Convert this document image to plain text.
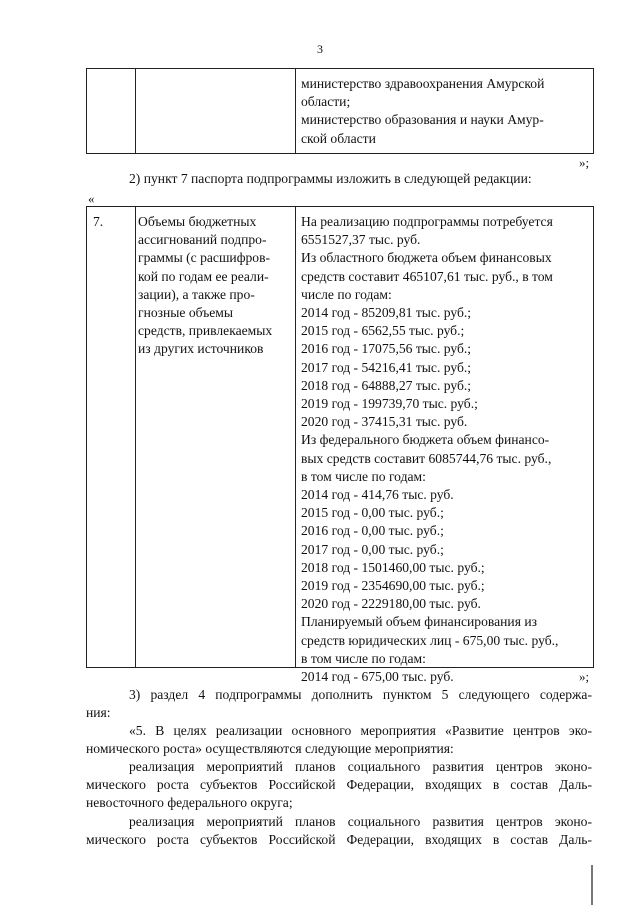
3
министерство здравоохранения Амурской
области;
министерство образования и науки Амур-
ской области
»;
2) пункт 7 паспорта подпрограммы изложить в следующей редакции:
«
7.	Объемы бюджетных
ассигнований подпро-
граммы (с расшифров-
кой по годам ее реали-
зации), а также про-
гнозные объемы
средств, привлекаемых
из других источников
На реализацию подпрограммы потребуется
6551527,37 тыс. руб.
Из областного бюджета объем финансовых
средств составит 465107,61 тыс. руб., в том
числе по годам:
2014 год - 85209,81 тыс. руб.;
2015 год - 6562,55 тыс. руб.;
2016 год - 17075,56 тыс. руб.;
2017 год - 54216,41 тыс. руб.;
2018 год - 64888,27 тыс. руб.;
2019 год - 199739,70 тыс. руб.;
2020 год - 37415,31 тыс. руб.
Из федерального бюджета объем финансо-
вых средств составит 6085744,76 тыс. руб.,
в том числе по годам:
2014 год - 414,76 тыс. руб.
2015 год - 0,00 тыс. руб.;
2016 год - 0,00 тыс. руб.;
2017 год - 0,00 тыс. руб.;
2018 год - 1501460,00 тыс. руб.;
2019 год - 2354690,00 тыс. руб.;
2020 год - 2229180,00 тыс. руб.
Планируемый объем финансирования из
средств юридических лиц - 675,00 тыс. руб.,
в том числе по годам:
2014 год - 675,00 тыс. руб.	»;
3) раздел 4 подпрограммы дополнить пунктом 5 следующего содержа-
ния:
«5. В целях реализации основного мероприятия «Развитие центров эко-
номического роста» осуществляются следующие мероприятия:
реализация мероприятий планов социального развития центров эконо-
мического роста субъектов Российской Федерации, входящих в состав Даль-
невосточного федерального округа;
реализация мероприятий планов социального развития центров эконо-
мического роста субъектов Российской Федерации, входящих в состав Даль-
